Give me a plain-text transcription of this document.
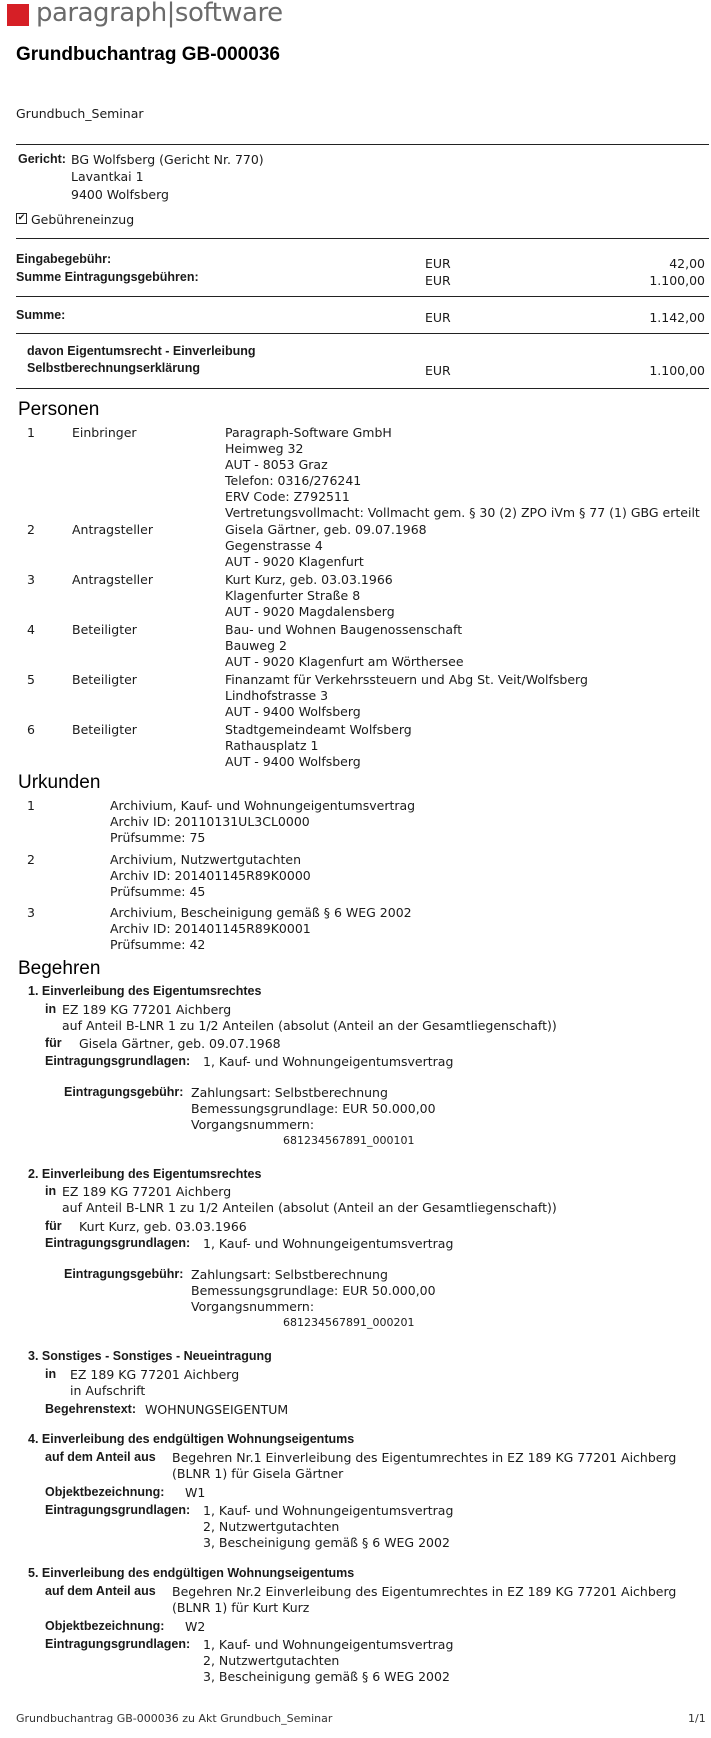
paragraph|software
Grundbuchantrag GB-000036
Grundbuch_Seminar
Gericht: BG Wolfsberg (Gericht Nr. 770)
Lavantkai 1
9400 Wolfsberg
✔ Gebühreneinzug
Eingabegebühr:	EUR	42,00
Summe Eintragungsgebühren:	EUR	1.100,00
Summe:	EUR	1.142,00
davon Eigentumsrecht - Einverleibung
Selbstberechnungserklärung	EUR	1.100,00
Personen
1	Einbringer	Paragraph-Software GmbH
Heimweg 32
AUT - 8053 Graz
Telefon: 0316/276241
ERV Code: Z792511
Vertretungsvollmacht: Vollmacht gem. § 30 (2) ZPO iVm § 77 (1) GBG erteilt
2	Antragsteller	Gisela Gärtner, geb. 09.07.1968
Gegenstrasse 4
AUT - 9020 Klagenfurt
3	Antragsteller	Kurt Kurz, geb. 03.03.1966
Klagenfurter Straße 8
AUT - 9020 Magdalensberg
4	Beteiligter	Bau- und Wohnen Baugenossenschaft
Bauweg 2
AUT - 9020 Klagenfurt am Wörthersee
5	Beteiligter	Finanzamt für Verkehrssteuern und Abg St. Veit/Wolfsberg
Lindhofstrasse 3
AUT - 9400 Wolfsberg
6	Beteiligter	Stadtgemeindeamt Wolfsberg
Rathausplatz 1
AUT - 9400 Wolfsberg
Urkunden
1	Archivium, Kauf- und Wohnungeigentumsvertrag
Archiv ID: 20110131UL3CL0000
Prüfsumme: 75
2	Archivium, Nutzwertgutachten
Archiv ID: 201401145R89K0000
Prüfsumme: 45
3	Archivium, Bescheinigung gemäß § 6 WEG 2002
Archiv ID: 201401145R89K0001
Prüfsumme: 42
Begehren
1. Einverleibung des Eigentumsrechtes
in EZ 189 KG 77201 Aichberg
auf Anteil B-LNR 1 zu 1/2 Anteilen (absolut (Anteil an der Gesamtliegenschaft))
für Gisela Gärtner, geb. 09.07.1968
Eintragungsgrundlagen: 1, Kauf- und Wohnungeigentumsvertrag
Eintragungsgebühr: Zahlungsart: Selbstberechnung
Bemessungsgrundlage: EUR 50.000,00
Vorgangsnummern:
681234567891_000101
2. Einverleibung des Eigentumsrechtes
in EZ 189 KG 77201 Aichberg
auf Anteil B-LNR 1 zu 1/2 Anteilen (absolut (Anteil an der Gesamtliegenschaft))
für Kurt Kurz, geb. 03.03.1966
Eintragungsgrundlagen: 1, Kauf- und Wohnungeigentumsvertrag
Eintragungsgebühr: Zahlungsart: Selbstberechnung
Bemessungsgrundlage: EUR 50.000,00
Vorgangsnummern:
681234567891_000201
3. Sonstiges - Sonstiges - Neueintragung
in EZ 189 KG 77201 Aichberg
in Aufschrift
Begehrenstext: WOHNUNGSEIGENTUM
4. Einverleibung des endgültigen Wohnungseigentums
auf dem Anteil aus Begehren Nr.1 Einverleibung des Eigentumrechtes in EZ 189 KG 77201 Aichberg
(BLNR 1) für Gisela Gärtner
Objektbezeichnung: W1
Eintragungsgrundlagen: 1, Kauf- und Wohnungeigentumsvertrag
2, Nutzwertgutachten
3, Bescheinigung gemäß § 6 WEG 2002
5. Einverleibung des endgültigen Wohnungseigentums
auf dem Anteil aus Begehren Nr.2 Einverleibung des Eigentumrechtes in EZ 189 KG 77201 Aichberg
(BLNR 1) für Kurt Kurz
Objektbezeichnung: W2
Eintragungsgrundlagen: 1, Kauf- und Wohnungeigentumsvertrag
2, Nutzwertgutachten
3, Bescheinigung gemäß § 6 WEG 2002
Grundbuchantrag GB-000036 zu Akt Grundbuch_Seminar	1/1
